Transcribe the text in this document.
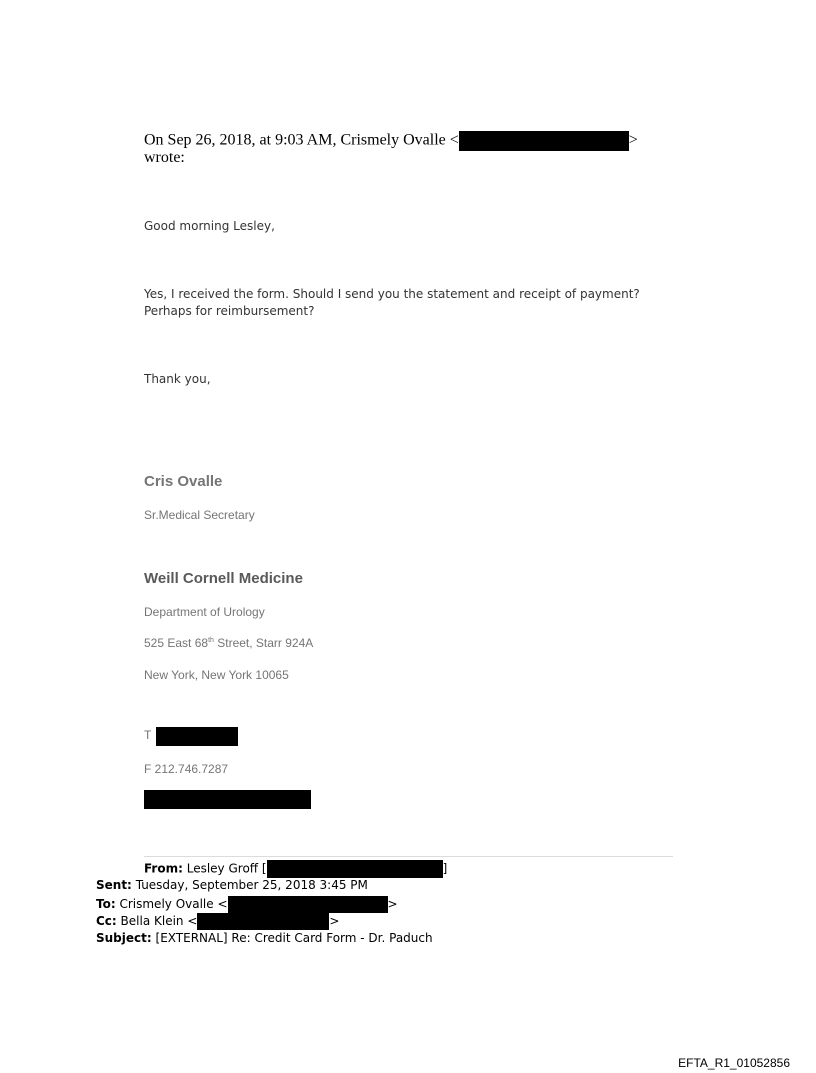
On Sep 26, 2018, at 9:03 AM, Crismely Ovalle <	>
wrote:
Good morning Lesley,
Yes, I received the form. Should I send you the statement and receipt of payment?
Perhaps for reimbursement?
Thank you,
Cris Ovalle
Sr.Medical Secretary
Weill Cornell Medicine
Department of Urology
525 East 68th Street, Starr 924A
New York, New York 10065
T
F 212.746.7287
From: Lesley Groff [	]
Sent: Tuesday, September 25, 2018 3:45 PM
To: Crismely Ovalle <	>
Cc: Bella Klein <	>
Subject: [EXTERNAL] Re: Credit Card Form - Dr. Paduch
EFTA_R1_01052856
